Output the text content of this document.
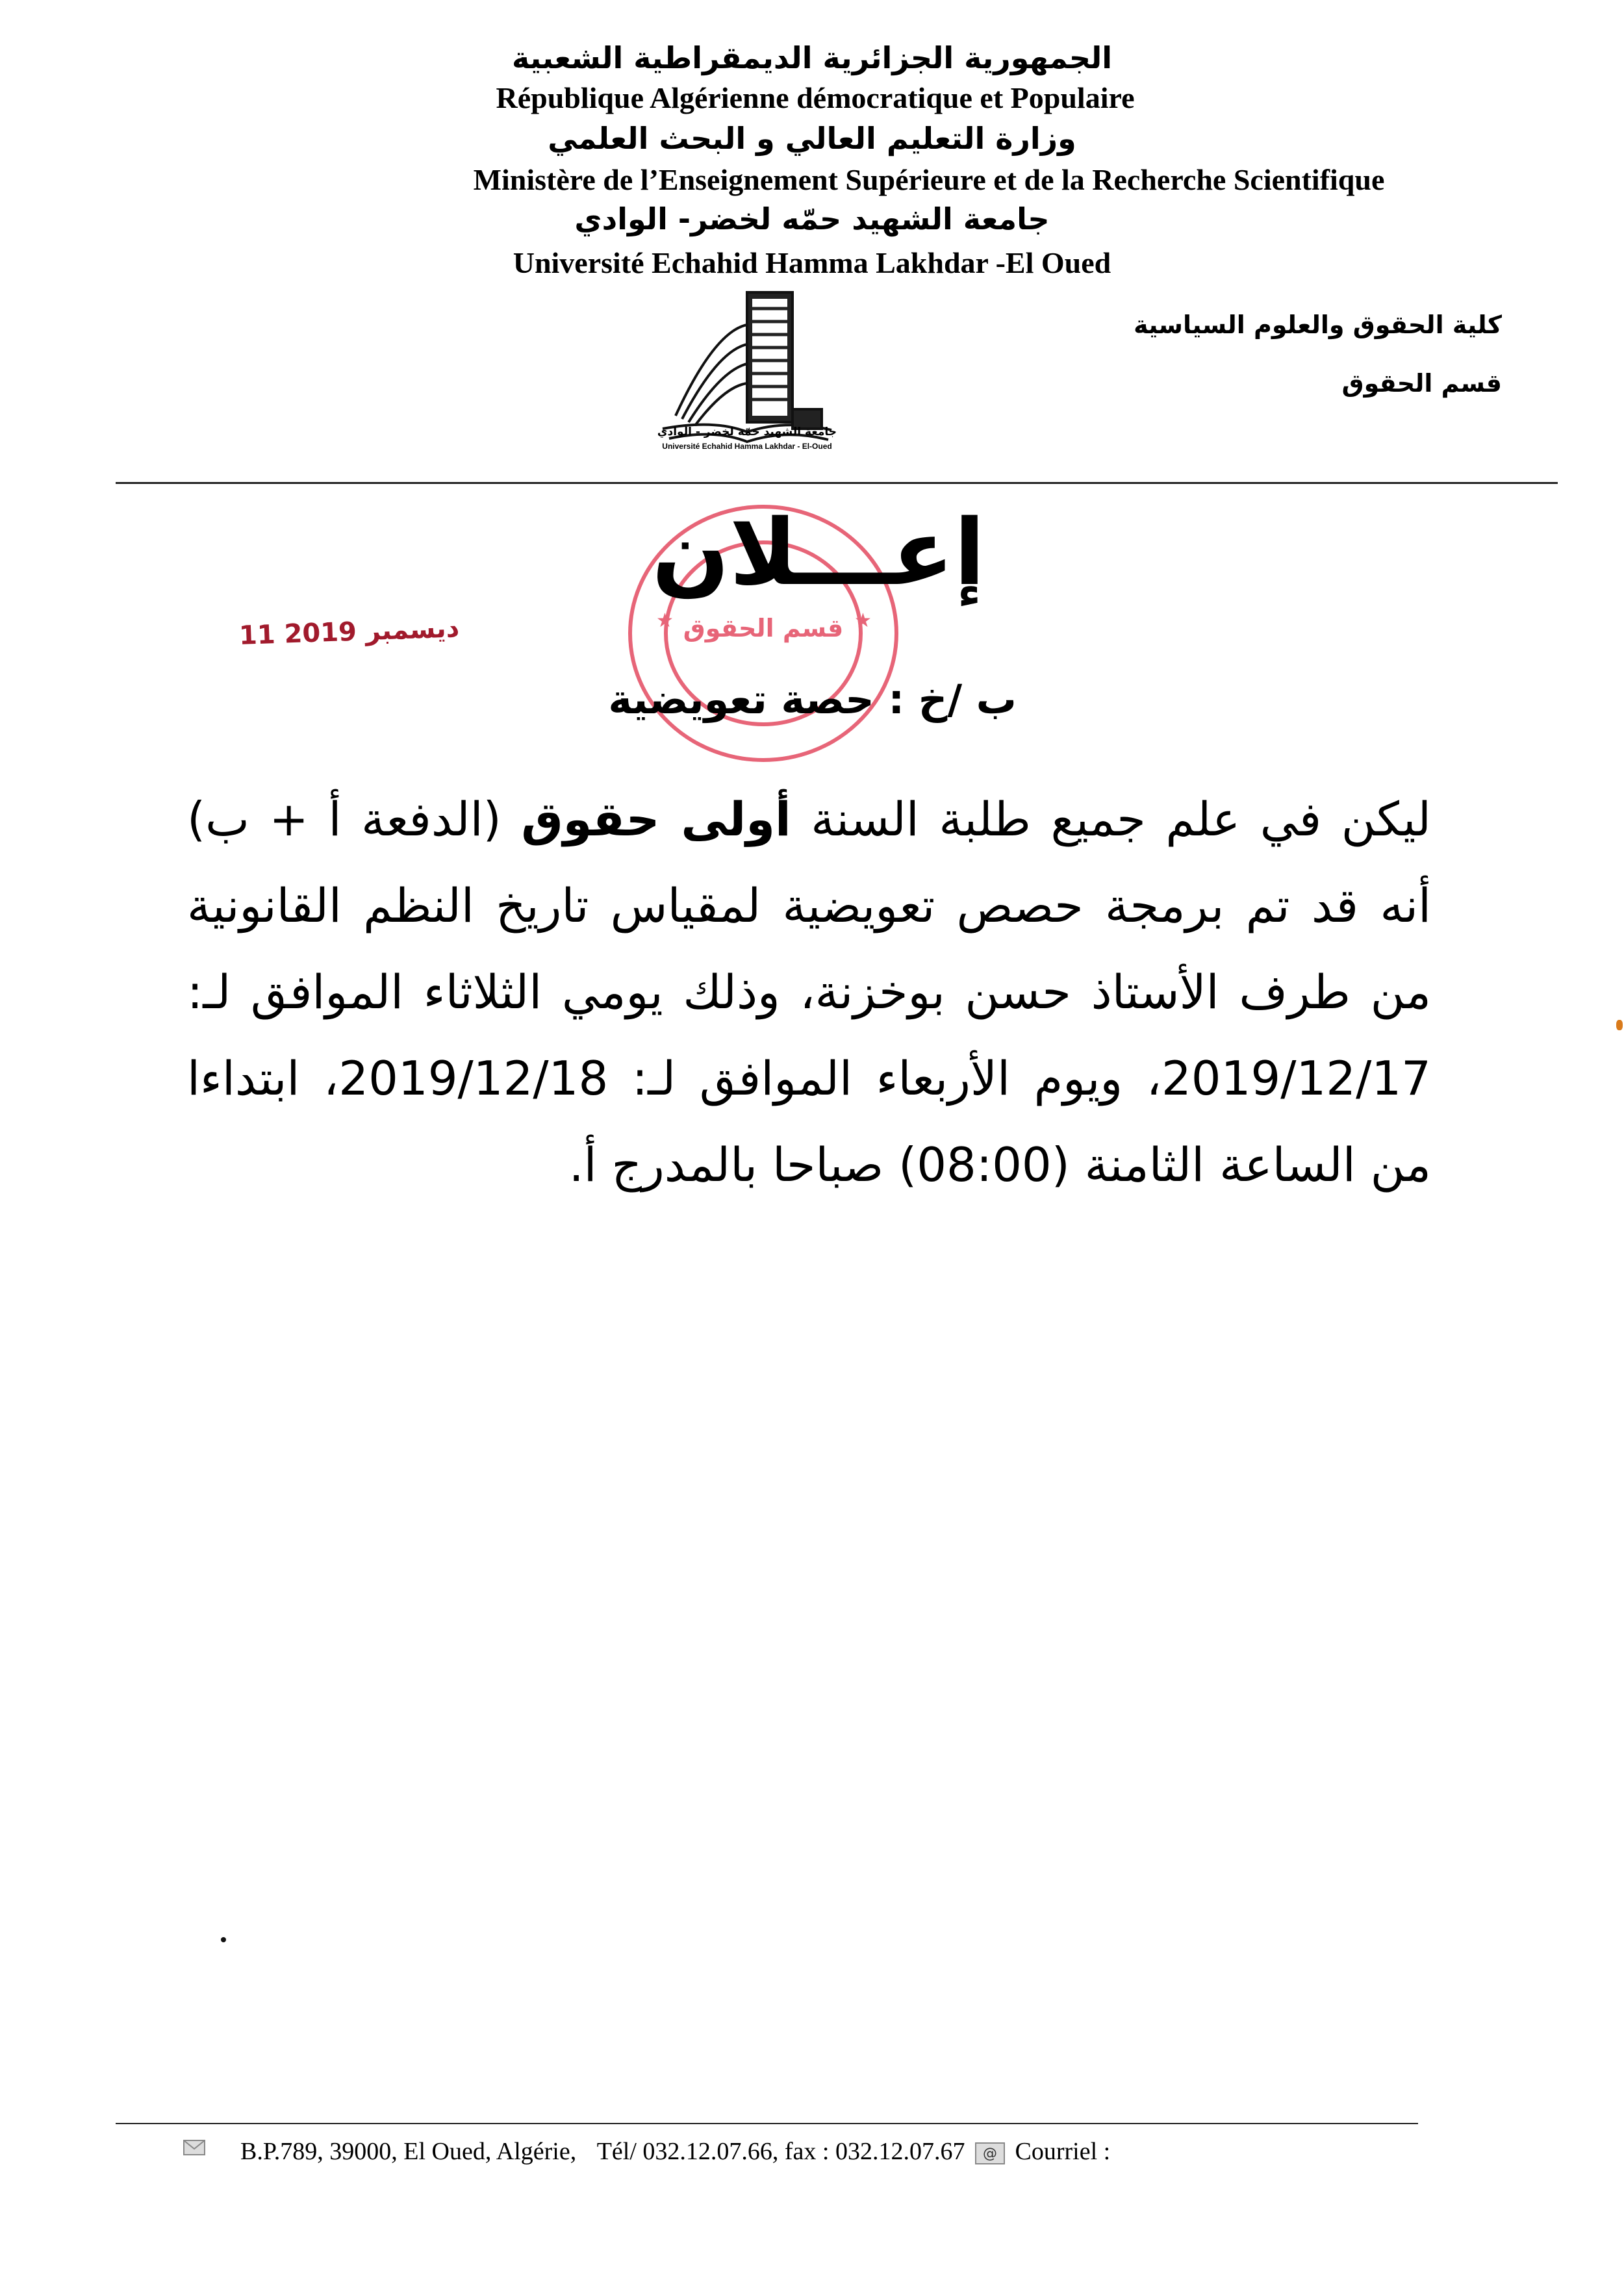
الجمهورية الجزائرية الديمقراطية الشعبية
République Algérienne démocratique et Populaire
وزارة التعليم العالي و البحث العلمي
Ministère de l’Enseignement Supérieure et de la Recherche Scientifique
جامعة الشهيد حمّه لخضر- الوادي
Université Echahid Hamma Lakhdar -El Oued
كلية الحقوق والعلوم السياسية
قسم الحقوق
جامعة الشهيد حمّه لخضر - الوادي
Université Echahid Hamma Lakhdar - El-Oued
قسم الحقوق
★	★
إعـــلان
11 ديسمبر 2019
ب /خ : حصة تعويضية
ليكن في علم جميع طلبة السنة أولى حقوق (الدفعة أ + ب) أنه قد تم برمجة حصص تعويضية لمقياس تاريخ النظم القانونية من طرف الأستاذ حسن بوخزنة، وذلك يومي الثلاثاء الموافق لـ: 2019/12/17، ويوم الأربعاء الموافق لـ: 2019/12/18، ابتداءا من الساعة الثامنة (08:00) صباحا بالمدرج أ.
B.P.789, 39000, El Oued, Algérie, Tél/ 032.12.07.66, fax : 032.12.07.67 @ Courriel :
